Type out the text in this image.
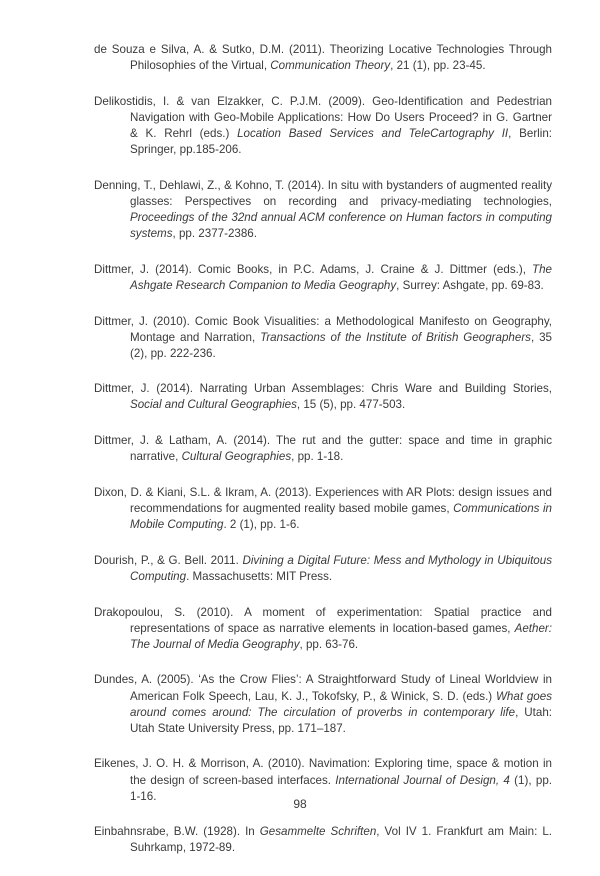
de Souza e Silva, A. & Sutko, D.M. (2011). Theorizing Locative Technologies Through Philosophies of the Virtual, Communication Theory, 21 (1), pp. 23-45.
Delikostidis, I. & van Elzakker, C. P.J.M. (2009). Geo-Identification and Pedestrian Navigation with Geo-Mobile Applications: How Do Users Proceed? in G. Gartner & K. Rehrl (eds.) Location Based Services and TeleCartography II, Berlin: Springer, pp.185-206.
Denning, T., Dehlawi, Z., & Kohno, T. (2014). In situ with bystanders of augmented reality glasses: Perspectives on recording and privacy-mediating technologies, Proceedings of the 32nd annual ACM conference on Human factors in computing systems, pp. 2377-2386.
Dittmer, J. (2014). Comic Books, in P.C. Adams, J. Craine & J. Dittmer (eds.), The Ashgate Research Companion to Media Geography, Surrey: Ashgate, pp. 69-83.
Dittmer, J. (2010). Comic Book Visualities: a Methodological Manifesto on Geography, Montage and Narration, Transactions of the Institute of British Geographers, 35 (2), pp. 222-236.
Dittmer, J. (2014). Narrating Urban Assemblages: Chris Ware and Building Stories, Social and Cultural Geographies, 15 (5), pp. 477-503.
Dittmer, J. & Latham, A. (2014). The rut and the gutter: space and time in graphic narrative, Cultural Geographies, pp. 1-18.
Dixon, D. & Kiani, S.L. & Ikram, A. (2013). Experiences with AR Plots: design issues and recommendations for augmented reality based mobile games, Communications in Mobile Computing. 2 (1), pp. 1-6.
Dourish, P., & G. Bell. 2011. Divining a Digital Future: Mess and Mythology in Ubiquitous Computing. Massachusetts: MIT Press.
Drakopoulou, S. (2010). A moment of experimentation: Spatial practice and representations of space as narrative elements in location-based games, Aether: The Journal of Media Geography, pp. 63-76.
Dundes, A. (2005). ‘As the Crow Flies’: A Straightforward Study of Lineal Worldview in American Folk Speech, Lau, K. J., Tokofsky, P., & Winick, S. D. (eds.) What goes around comes around: The circulation of proverbs in contemporary life, Utah: Utah State University Press, pp. 171–187.
Eikenes, J. O. H. & Morrison, A. (2010). Navimation: Exploring time, space & motion in the design of screen-based interfaces. International Journal of Design, 4 (1), pp. 1-16.
Einbahnsrabe, B.W. (1928). In Gesammelte Schriften, Vol IV 1. Frankfurt am Main: L. Suhrkamp, 1972-89.
98
